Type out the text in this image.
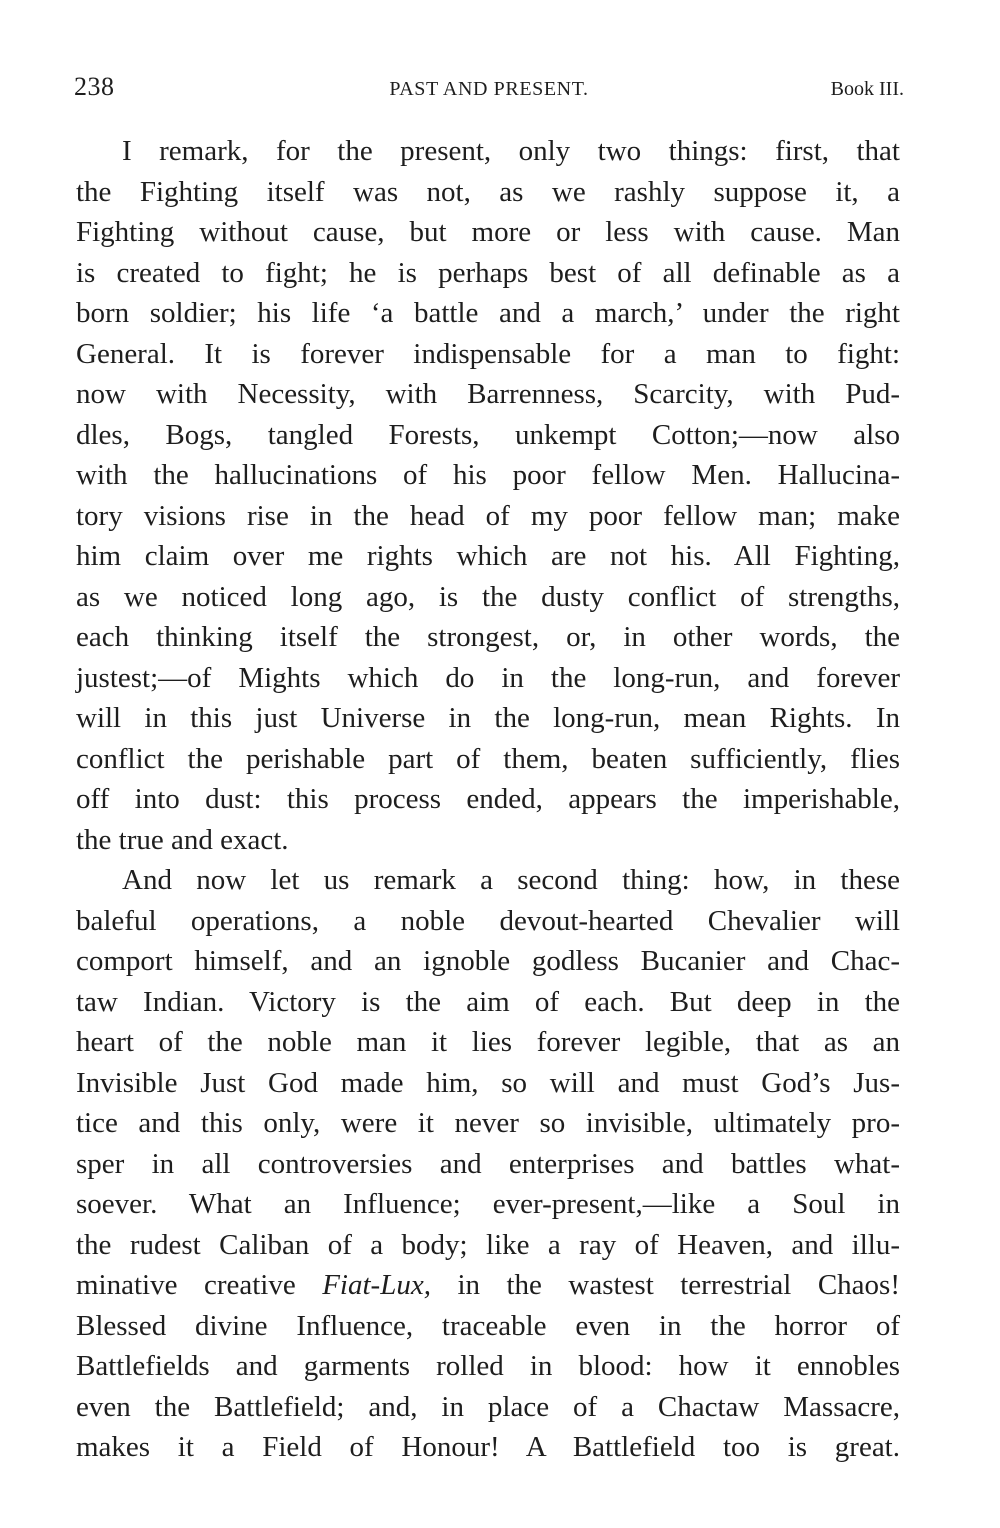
238	PAST AND PRESENT.	Book III.

I remark, for the present, only two things: first, that
the Fighting itself was not, as we rashly suppose it, a
Fighting without cause, but more or less with cause. Man
is created to fight; he is perhaps best of all definable as a
born soldier; his life ‘a battle and a march,’ under the right
General. It is forever indispensable for a man to fight:
now with Necessity, with Barrenness, Scarcity, with Pud-
dles, Bogs, tangled Forests, unkempt Cotton;—now also
with the hallucinations of his poor fellow Men. Hallucina-
tory visions rise in the head of my poor fellow man; make
him claim over me rights which are not his. All Fighting,
as we noticed long ago, is the dusty conflict of strengths,
each thinking itself the strongest, or, in other words, the
justest;—of Mights which do in the long-run, and forever
will in this just Universe in the long-run, mean Rights. In
conflict the perishable part of them, beaten sufficiently, flies
off into dust: this process ended, appears the imperishable,
the true and exact.

And now let us remark a second thing: how, in these
baleful operations, a noble devout-hearted Chevalier will
comport himself, and an ignoble godless Bucanier and Chac-
taw Indian. Victory is the aim of each. But deep in the
heart of the noble man it lies forever legible, that as an
Invisible Just God made him, so will and must God’s Jus-
tice and this only, were it never so invisible, ultimately pro-
sper in all controversies and enterprises and battles what-
soever. What an Influence; ever-present,—like a Soul in
the rudest Caliban of a body; like a ray of Heaven, and illu-
minative creative Fiat-Lux, in the wastest terrestrial Chaos!
Blessed divine Influence, traceable even in the horror of
Battlefields and garments rolled in blood: how it ennobles
even the Battlefield; and, in place of a Chactaw Massacre,
makes it a Field of Honour! A Battlefield too is great.
